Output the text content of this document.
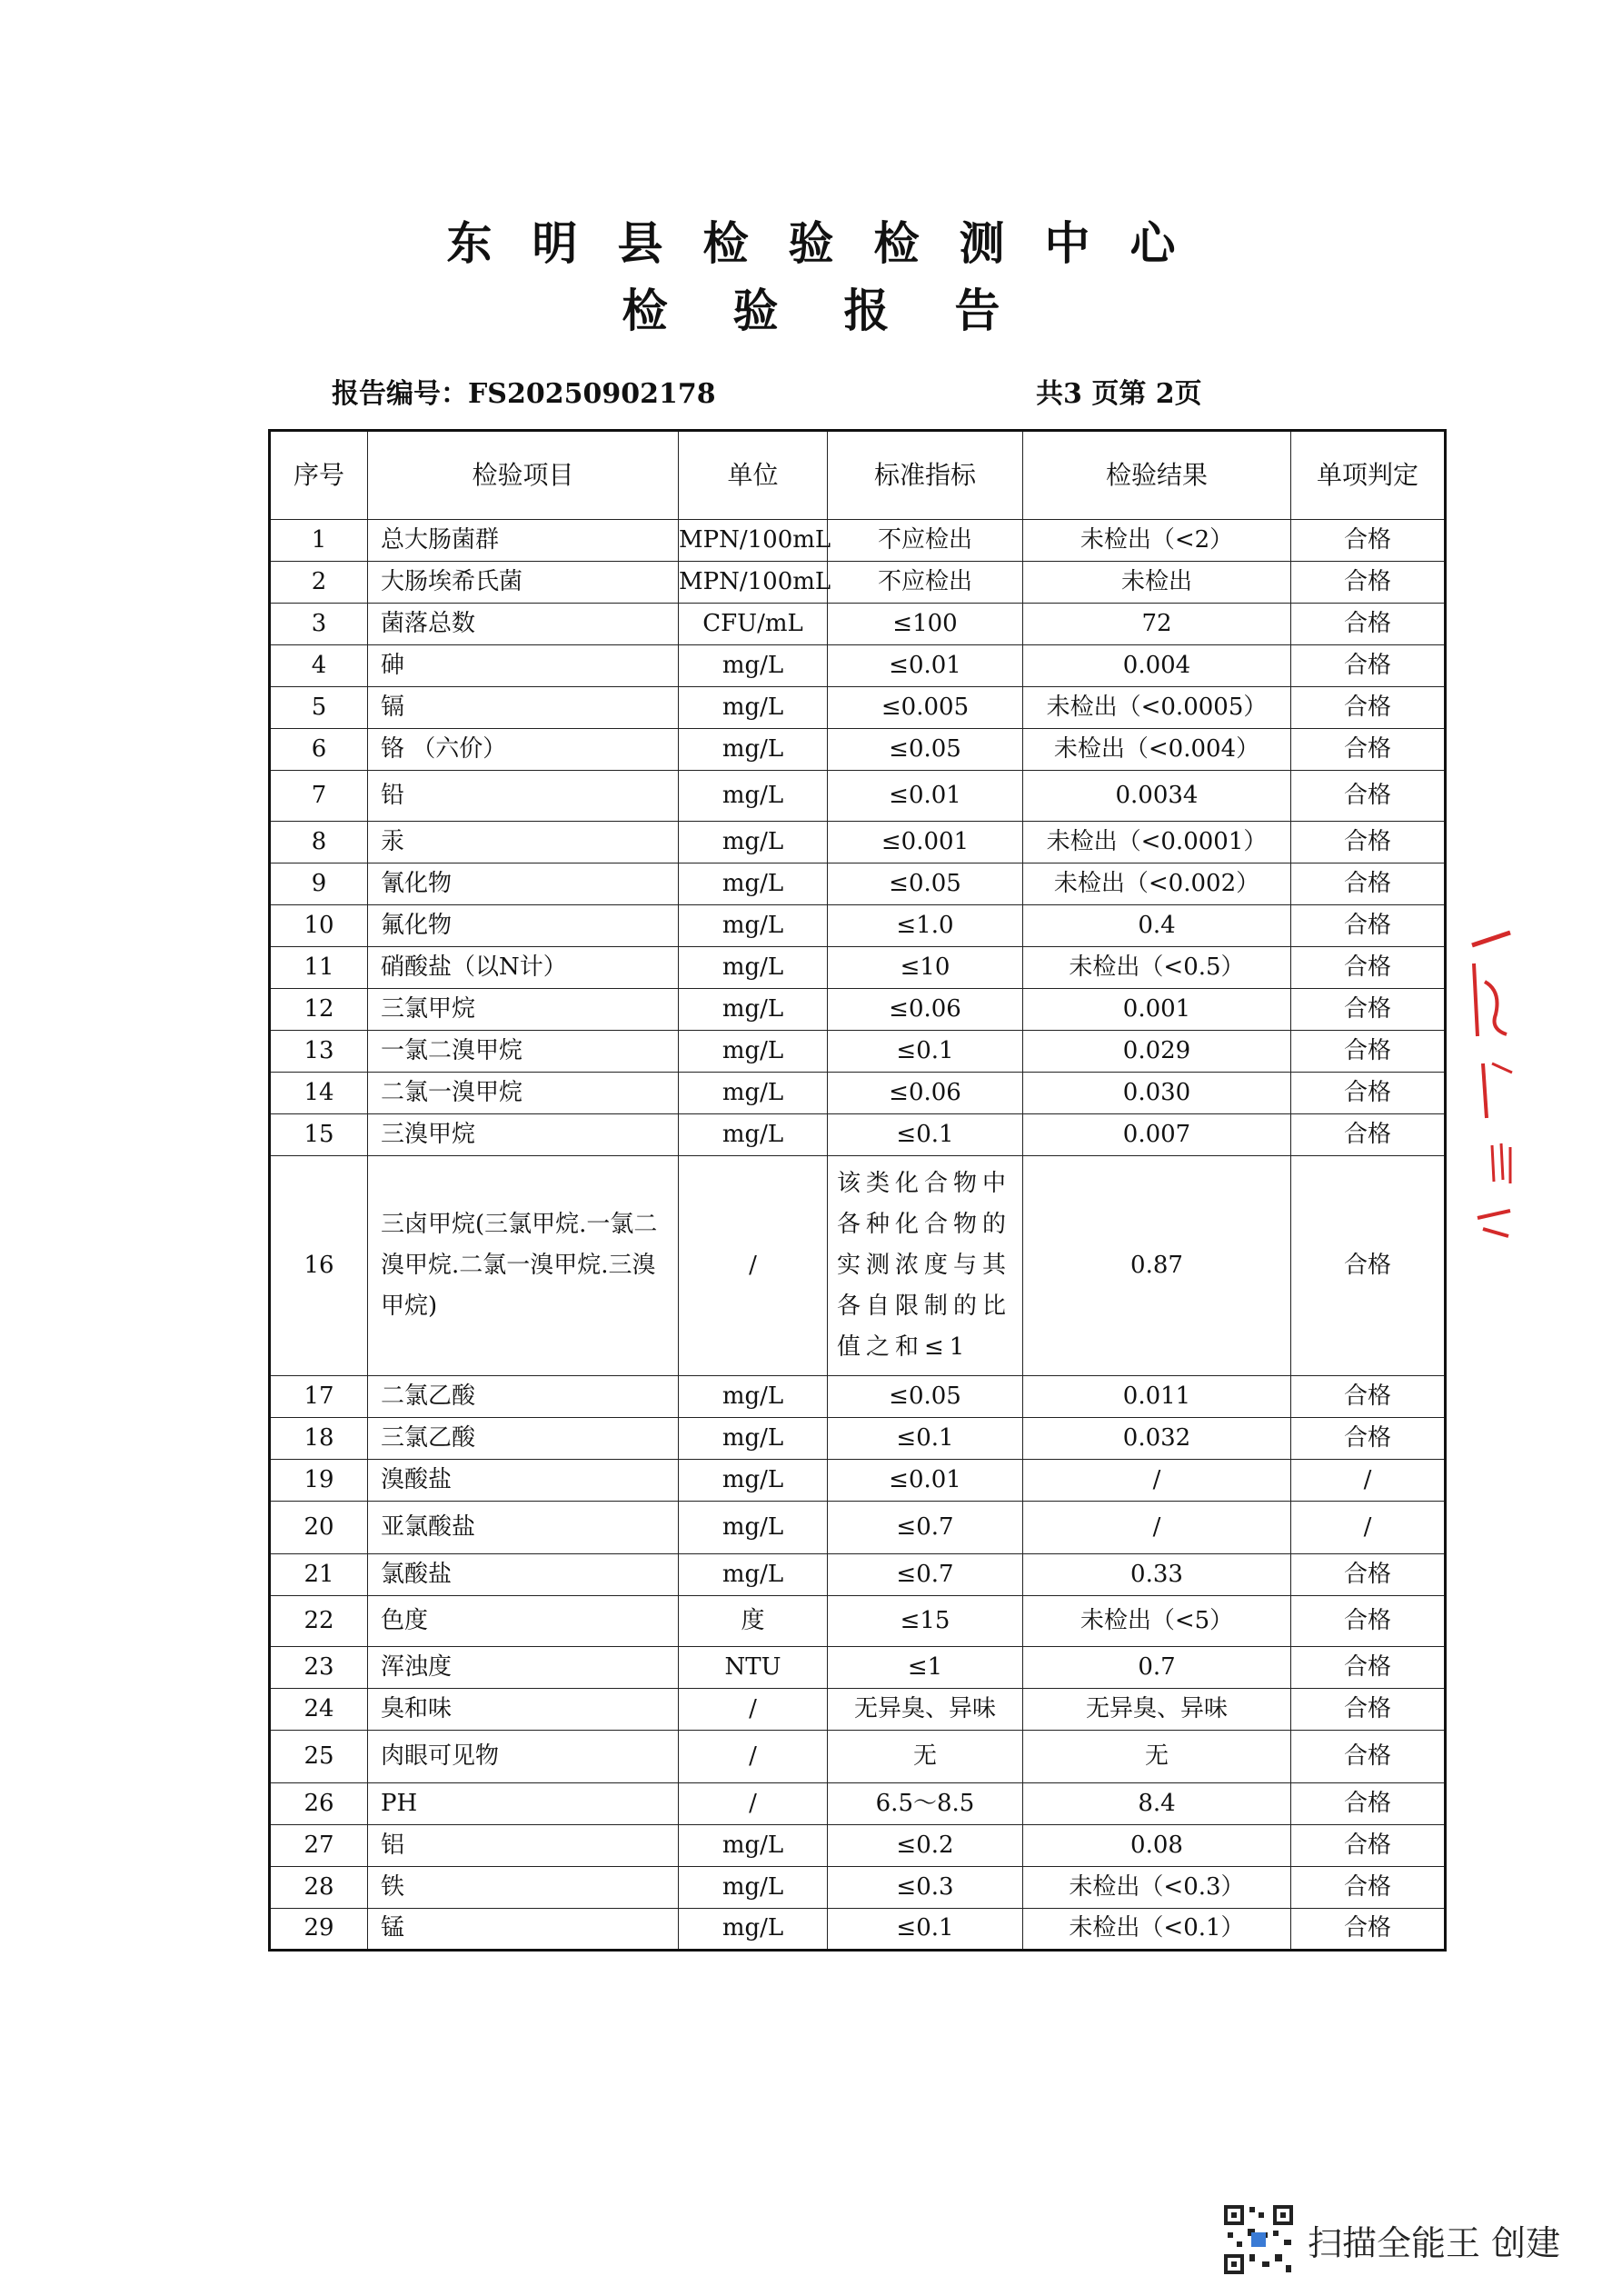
东明县检验检测中心
检验报告
报告编号：FS20250902178	共3 页第 2页
序号	检验项目	单位	标准指标	检验结果	单项判定
1	总大肠菌群	MPN/100mL	不应检出	未检出（<2）	合格
2	大肠埃希氏菌	MPN/100mL	不应检出	未检出	合格
3	菌落总数	CFU/mL	≤100	72	合格
4	砷	mg/L	≤0.01	0.004	合格
5	镉	mg/L	≤0.005	未检出（<0.0005）	合格
6	铬 （六价）	mg/L	≤0.05	未检出（<0.004）	合格
7	铅	mg/L	≤0.01	0.0034	合格
8	汞	mg/L	≤0.001	未检出（<0.0001）	合格
9	氰化物	mg/L	≤0.05	未检出（<0.002）	合格
10	氟化物	mg/L	≤1.0	0.4	合格
11	硝酸盐（以N计）	mg/L	≤10	未检出（<0.5）	合格
12	三氯甲烷	mg/L	≤0.06	0.001	合格
13	一氯二溴甲烷	mg/L	≤0.1	0.029	合格
14	二氯一溴甲烷	mg/L	≤0.06	0.030	合格
15	三溴甲烷	mg/L	≤0.1	0.007	合格
16	三卤甲烷(三氯甲烷.一氯二溴甲烷.二氯一溴甲烷.三溴甲烷)	/	该类化合物中各种化合物的实测浓度与其各自限制的比值之和≤1	0.87	合格
17	二氯乙酸	mg/L	≤0.05	0.011	合格
18	三氯乙酸	mg/L	≤0.1	0.032	合格
19	溴酸盐	mg/L	≤0.01	/	/
20	亚氯酸盐	mg/L	≤0.7	/	/
21	氯酸盐	mg/L	≤0.7	0.33	合格
22	色度	度	≤15	未检出（<5）	合格
23	浑浊度	NTU	≤1	0.7	合格
24	臭和味	/	无异臭、异味	无异臭、异味	合格
25	肉眼可见物	/	无	无	合格
26	PH	/	6.5～8.5	8.4	合格
27	铝	mg/L	≤0.2	0.08	合格
28	铁	mg/L	≤0.3	未检出（<0.3）	合格
29	锰	mg/L	≤0.1	未检出（<0.1）	合格
扫描全能王 创建
